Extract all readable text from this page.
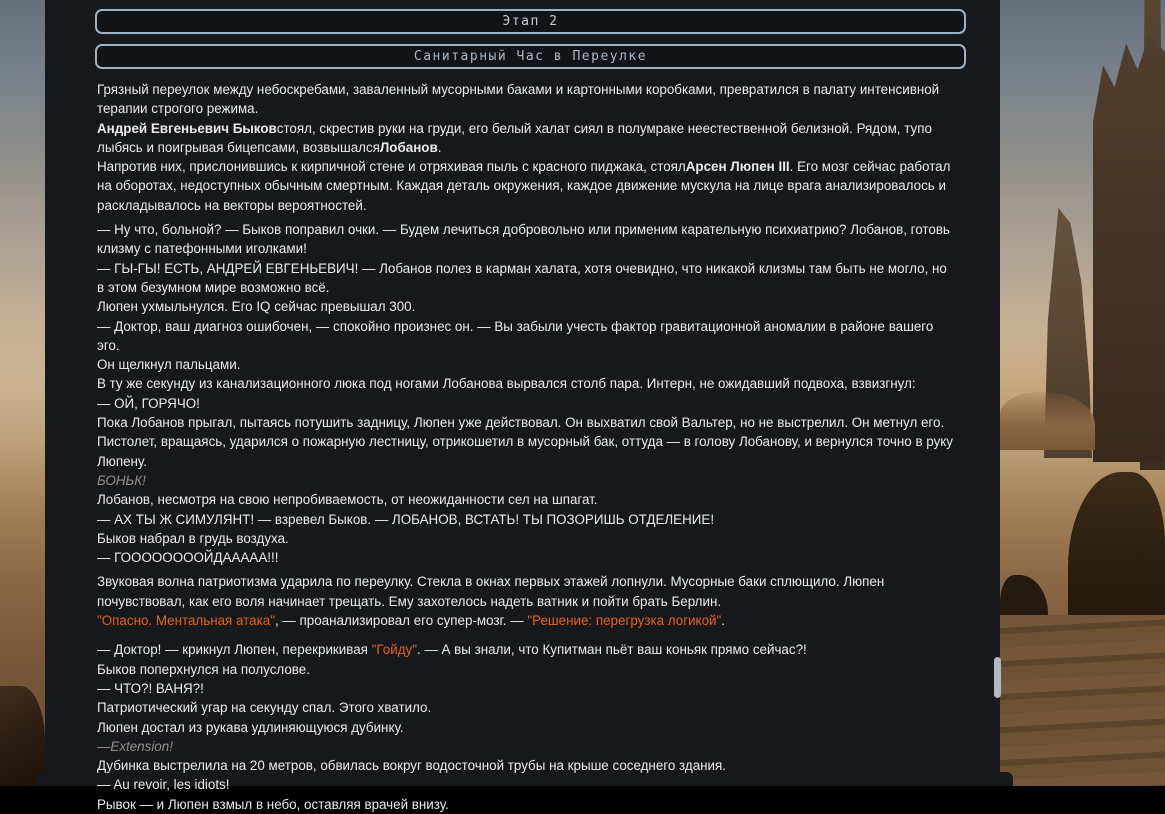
Этап 2
Санитарный Час в Переулке

Грязный переулок между небоскребами, заваленный мусорными баками и картонными коробками, превратился в палату интенсивной терапии строгого режима.

Андрей Евгеньевич Быковстоял, скрестив руки на груди, его белый халат сиял в полумраке неестественной белизной. Рядом, тупо лыбясь и поигрывая бицепсами, возвышалсяЛобанов.

Напротив них, прислонившись к кирпичной стене и отряхивая пыль с красного пиджака, стоялАрсен Люпен III. Его мозг сейчас работал на оборотах, недоступных обычным смертным. Каждая деталь окружения, каждое движение мускула на лице врага анализировалось и раскладывалось на векторы вероятностей.

— Ну что, больной? — Быков поправил очки. — Будем лечиться добровольно или применим карательную психиатрию? Лобанов, готовь клизму с патефонными иголками!

— ГЫ-ГЫ! ЕСТЬ, АНДРЕЙ ЕВГЕНЬЕВИЧ! — Лобанов полез в карман халата, хотя очевидно, что никакой клизмы там быть не могло, но в этом безумном мире возможно всё.

Люпен ухмыльнулся. Его IQ сейчас превышал 300.

— Доктор, ваш диагноз ошибочен, — спокойно произнес он. — Вы забыли учесть фактор гравитационной аномалии в районе вашего эго.

Он щелкнул пальцами.

В ту же секунду из канализационного люка под ногами Лобанова вырвался столб пара. Интерн, не ожидавший подвоха, взвизгнул:

— ОЙ, ГОРЯЧО!

Пока Лобанов прыгал, пытаясь потушить задницу, Люпен уже действовал. Он выхватил свой Вальтер, но не выстрелил. Он метнул его.

Пистолет, вращаясь, ударился о пожарную лестницу, отрикошетил в мусорный бак, оттуда — в голову Лобанову, и вернулся точно в руку Люпену.

БОНЬК!

Лобанов, несмотря на свою непробиваемость, от неожиданности сел на шпагат.

— АХ ТЫ Ж СИМУЛЯНТ! — взревел Быков. — ЛОБАНОВ, ВСТАТЬ! ТЫ ПОЗОРИШЬ ОТДЕЛЕНИЕ!

Быков набрал в грудь воздуха.

— ГООООООООЙДААААА!!!

Звуковая волна патриотизма ударила по переулку. Стекла в окнах первых этажей лопнули. Мусорные баки сплющило. Люпен почувствовал, как его воля начинает трещать. Ему захотелось надеть ватник и пойти брать Берлин.

"Опасно. Ментальная атака", — проанализировал его супер-мозг. — "Решение: перегрузка логикой".

— Доктор! — крикнул Люпен, перекрикивая "Гойду". — А вы знали, что Купитман пьёт ваш коньяк прямо сейчас?!

Быков поперхнулся на полуслове.

— ЧТО?! ВАНЯ?!

Патриотический угар на секунду спал. Этого хватило.

Люпен достал из рукава удлиняющуюся дубинку.

—Extension!

Дубинка выстрелила на 20 метров, обвилась вокруг водосточной трубы на крыше соседнего здания.

— Au revoir, les idiots!

Рывок — и Люпен взмыл в небо, оставляя врачей внизу.
